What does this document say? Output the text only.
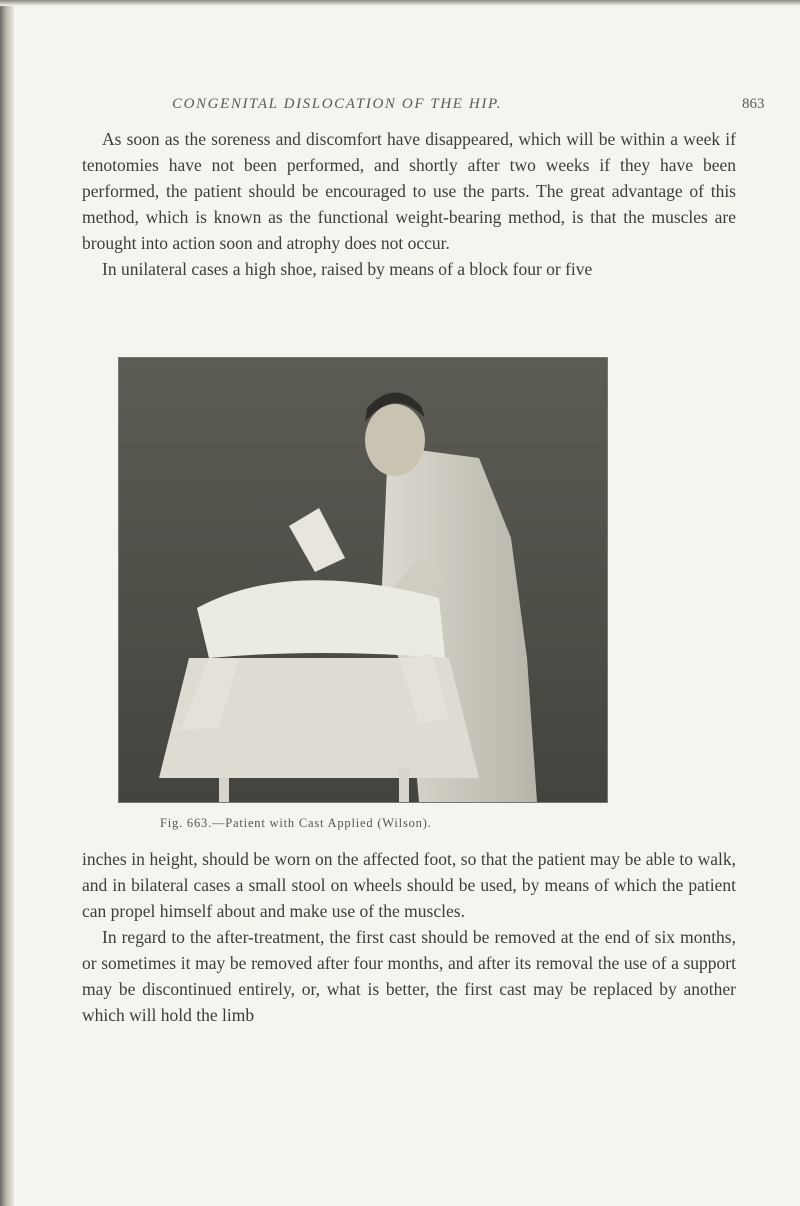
CONGENITAL DISLOCATION OF THE HIP.	863

As soon as the soreness and discomfort have disappeared, which will be within a week if tenotomies have not been performed, and shortly after two weeks if they have been performed, the patient should be encouraged to use the parts. The great advantage of this method, which is known as the functional weight-bearing method, is that the muscles are brought into action soon and atrophy does not occur.

In unilateral cases a high shoe, raised by means of a block four or five

Fig. 663.—Patient with Cast Applied (Wilson).

inches in height, should be worn on the affected foot, so that the patient may be able to walk, and in bilateral cases a small stool on wheels should be used, by means of which the patient can propel himself about and make use of the muscles.

In regard to the after-treatment, the first cast should be removed at the end of six months, or sometimes it may be removed after four months, and after its removal the use of a support may be discontinued entirely, or, what is better, the first cast may be replaced by another which will hold the limb
